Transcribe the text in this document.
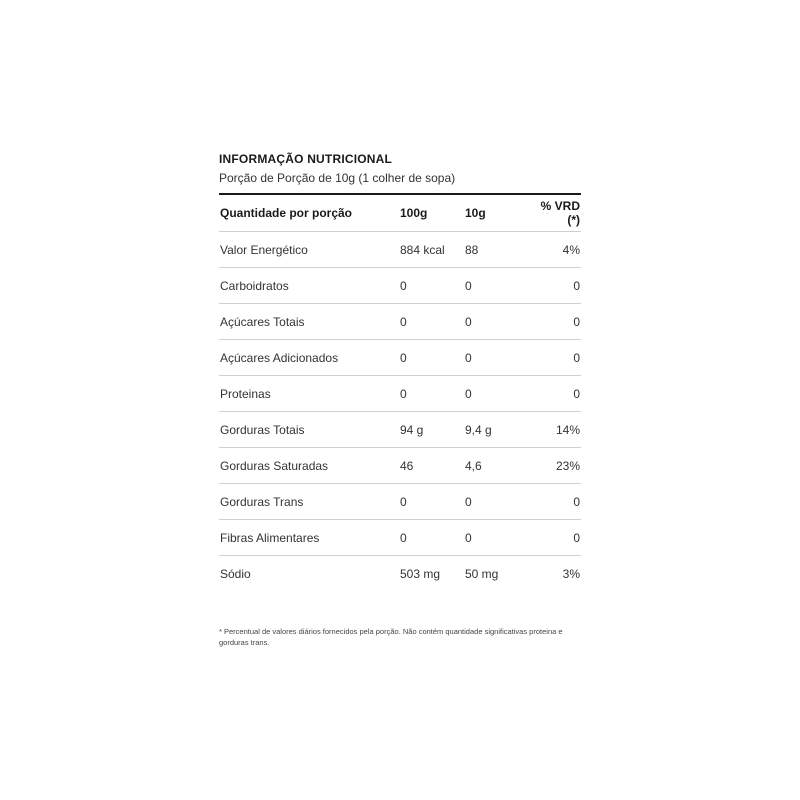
INFORMAÇÃO NUTRICIONAL
Porção de Porção de 10g (1 colher de sopa)
Quantidade por porção	100g	10g	% VRD (*)
Valor Energético	884 kcal	88	4%
Carboidratos	0	0	0
Açúcares Totais	0	0	0
Açúcares Adicionados	0	0	0
Proteinas	0	0	0
Gorduras Totais	94 g	9,4 g	14%
Gorduras Saturadas	46	4,6	23%
Gorduras Trans	0	0	0
Fibras Alimentares	0	0	0
Sódio	503 mg	50 mg	3%
* Percentual de valores diários fornecidos pela porção. Não contém quantidade significativas proteina e gorduras trans.
